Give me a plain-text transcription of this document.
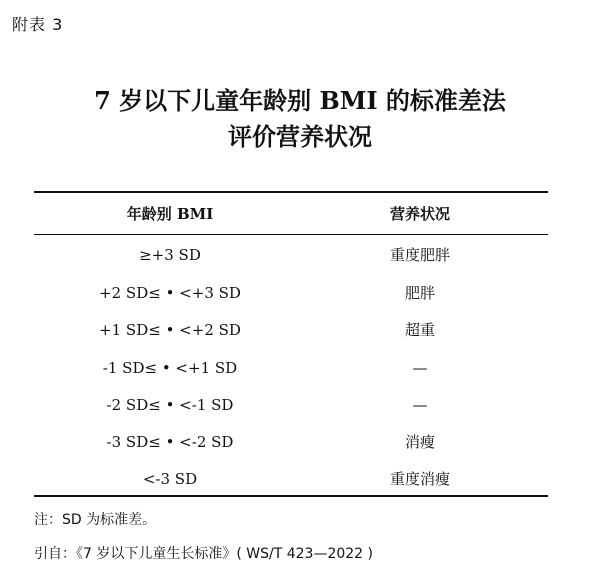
附表 3
7 岁以下儿童年龄别 BMI 的标准差法
评价营养状况
年龄别 BMI	营养状况
≥+3 SD	重度肥胖
+2 SD≤ • <+3 SD	肥胖
+1 SD≤ • <+2 SD	超重
-1 SD≤ • <+1 SD	—
-2 SD≤ • <-1 SD	—
-3 SD≤ • <-2 SD	消瘦
<-3 SD	重度消瘦
注：SD 为标准差。
引自：《7 岁以下儿童生长标准》( WS/T 423—2022 )
